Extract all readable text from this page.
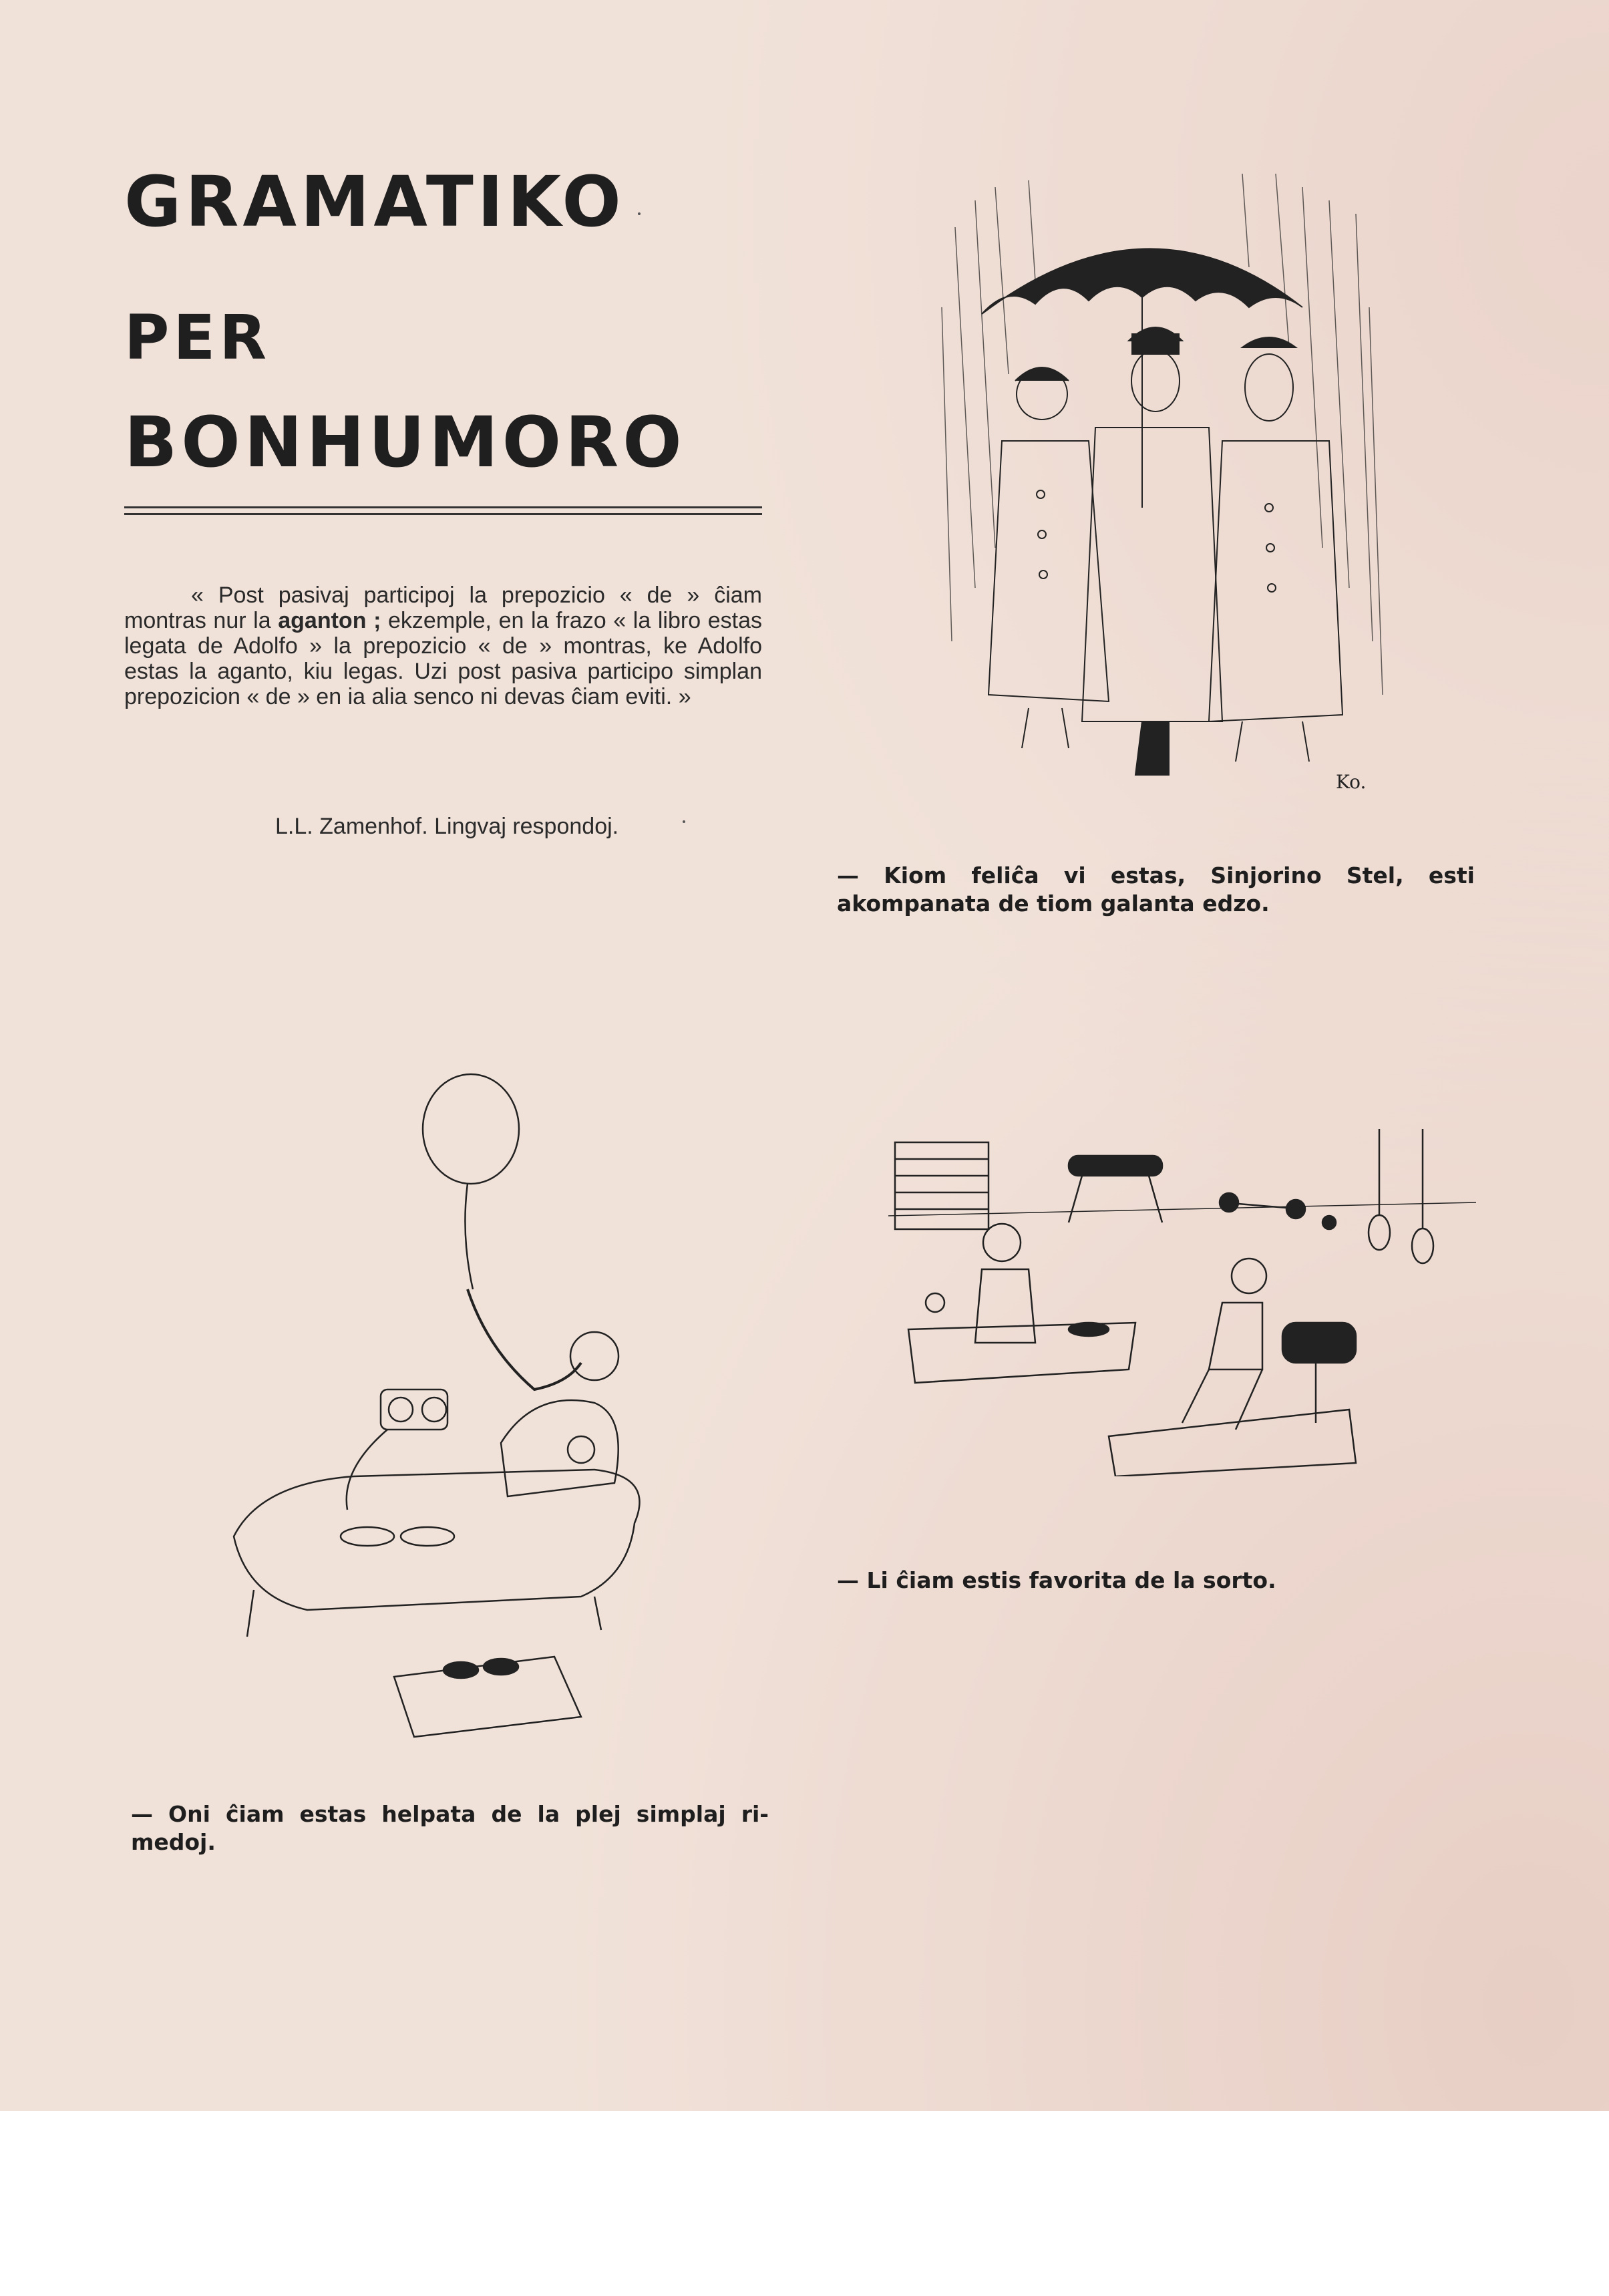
GRAMATIKO
PER
BONHUMORO

« Post pasivaj participoj la prepozicio « de » ĉiam montras nur la aganton ; ekzemple, en la frazo « la libro estas legata de Adolfo » la prepozicio « de » montras, ke Adolfo estas la aganto, kiu legas. Uzi post pasiva participo simplan prepozicion « de » en ia alia senco ni devas ĉiam eviti. »

L.L. Zamenhof. Lingvaj respondoj.

Ko.

— Kiom feliĉa vi estas, Sinjorino Stel, esti akompanata de tiom galanta edzo.

— Li ĉiam estis favorita de la sorto.

— Oni ĉiam estas helpata de la plej simplaj rimedoj.
